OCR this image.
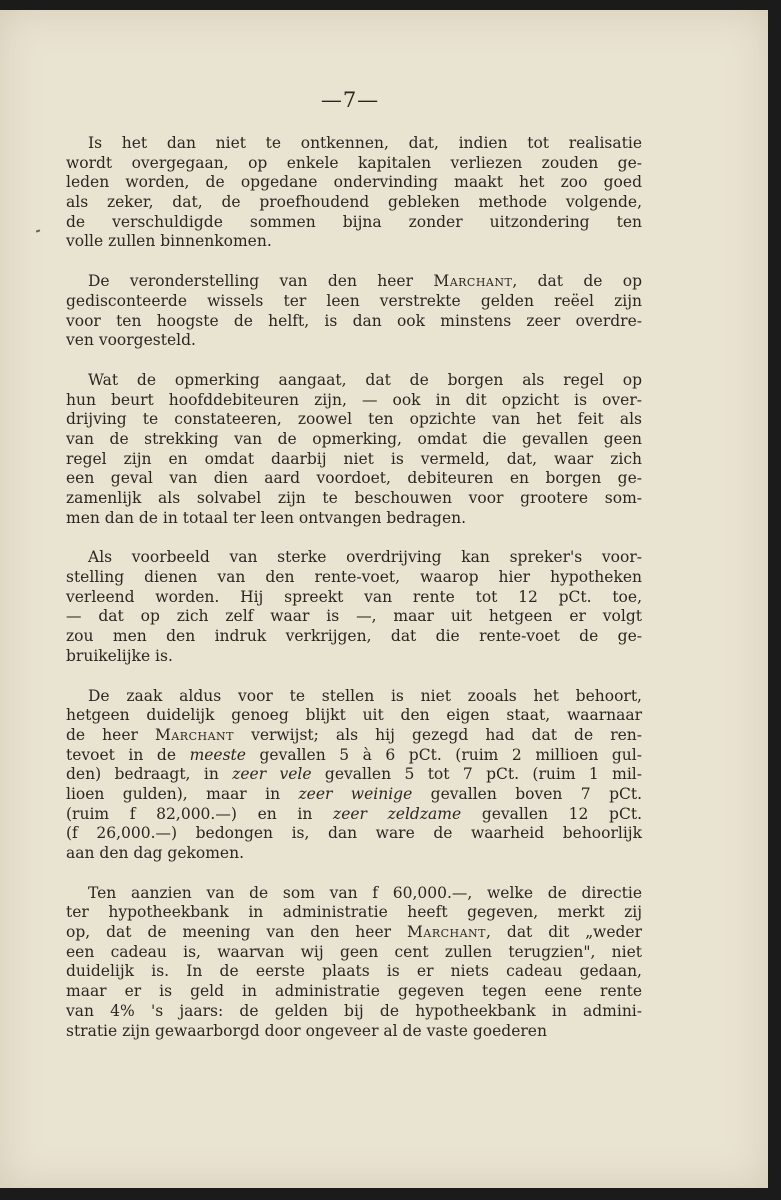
—7—
Is het dan niet te ontkennen, dat, indien tot realisatie
wordt overgegaan, op enkele kapitalen verliezen zouden ge-
leden worden, de opgedane ondervinding maakt het zoo goed
als zeker, dat, de proefhoudend gebleken methode volgende,
de verschuldigde sommen bijna zonder uitzondering ten
volle zullen binnenkomen.
De veronderstelling van den heer Marchant, dat de op
gedisconteerde wissels ter leen verstrekte gelden reëel zijn
voor ten hoogste de helft, is dan ook minstens zeer overdre-
ven voorgesteld.
Wat de opmerking aangaat, dat de borgen als regel op
hun beurt hoofddebiteuren zijn, — ook in dit opzicht is over-
drijving te constateeren, zoowel ten opzichte van het feit als
van de strekking van de opmerking, omdat die gevallen geen
regel zijn en omdat daarbij niet is vermeld, dat, waar zich
een geval van dien aard voordoet, debiteuren en borgen ge-
zamenlijk als solvabel zijn te beschouwen voor grootere som-
men dan de in totaal ter leen ontvangen bedragen.
Als voorbeeld van sterke overdrijving kan spreker's voor-
stelling dienen van den rente-voet, waarop hier hypotheken
verleend worden. Hij spreekt van rente tot 12 pCt. toe,
— dat op zich zelf waar is —, maar uit hetgeen er volgt
zou men den indruk verkrijgen, dat die rente-voet de ge-
bruikelijke is.
De zaak aldus voor te stellen is niet zooals het behoort,
hetgeen duidelijk genoeg blijkt uit den eigen staat, waarnaar
de heer Marchant verwijst; als hij gezegd had dat de ren-
tevoet in de meeste gevallen 5 à 6 pCt. (ruim 2 millioen gul-
den) bedraagt, in zeer vele gevallen 5 tot 7 pCt. (ruim 1 mil-
lioen gulden), maar in zeer weinige gevallen boven 7 pCt.
(ruim f 82,000.—) en in zeer zeldzame gevallen 12 pCt.
(f 26,000.—) bedongen is, dan ware de waarheid behoorlijk
aan den dag gekomen.
Ten aanzien van de som van f 60,000.—, welke de directie
ter hypotheekbank in administratie heeft gegeven, merkt zij
op, dat de meening van den heer Marchant, dat dit „weder
een cadeau is, waarvan wij geen cent zullen terugzien", niet
duidelijk is. In de eerste plaats is er niets cadeau gedaan,
maar er is geld in administratie gegeven tegen eene rente
van 4% 's jaars: de gelden bij de hypotheekbank in admini-
stratie zijn gewaarborgd door ongeveer al de vaste goederen
